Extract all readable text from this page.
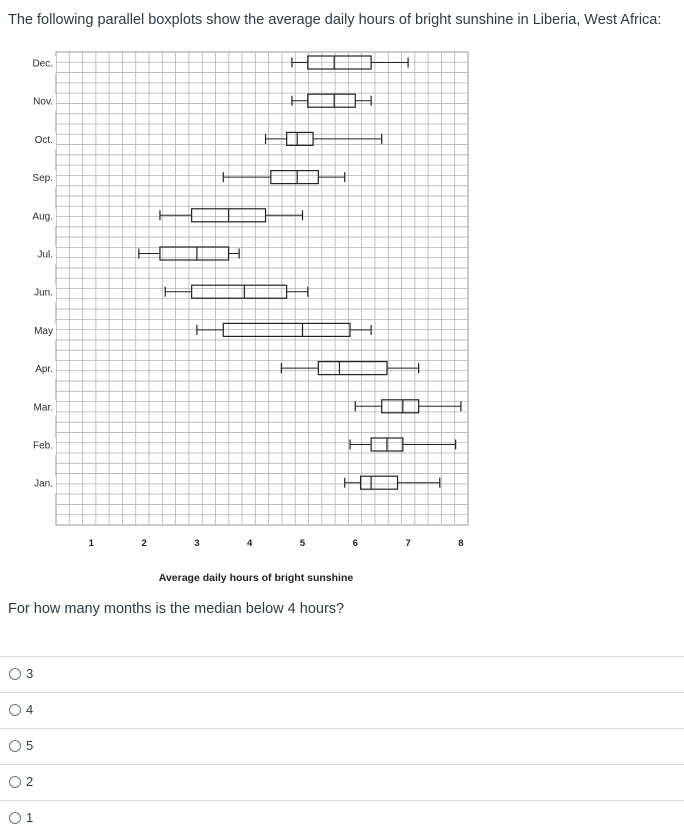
The following parallel boxplots show the average daily hours of bright sunshine in Liberia, West Africa:
Dec.
Nov.
Oct.
Sep.
Aug.
Jul.
Jun.
May
Apr.
Mar.
Feb.
Jan.
1	2	3	4	5	6	7	8
Average daily hours of bright sunshine
For how many months is the median below 4 hours?
3
4
5
2
1
